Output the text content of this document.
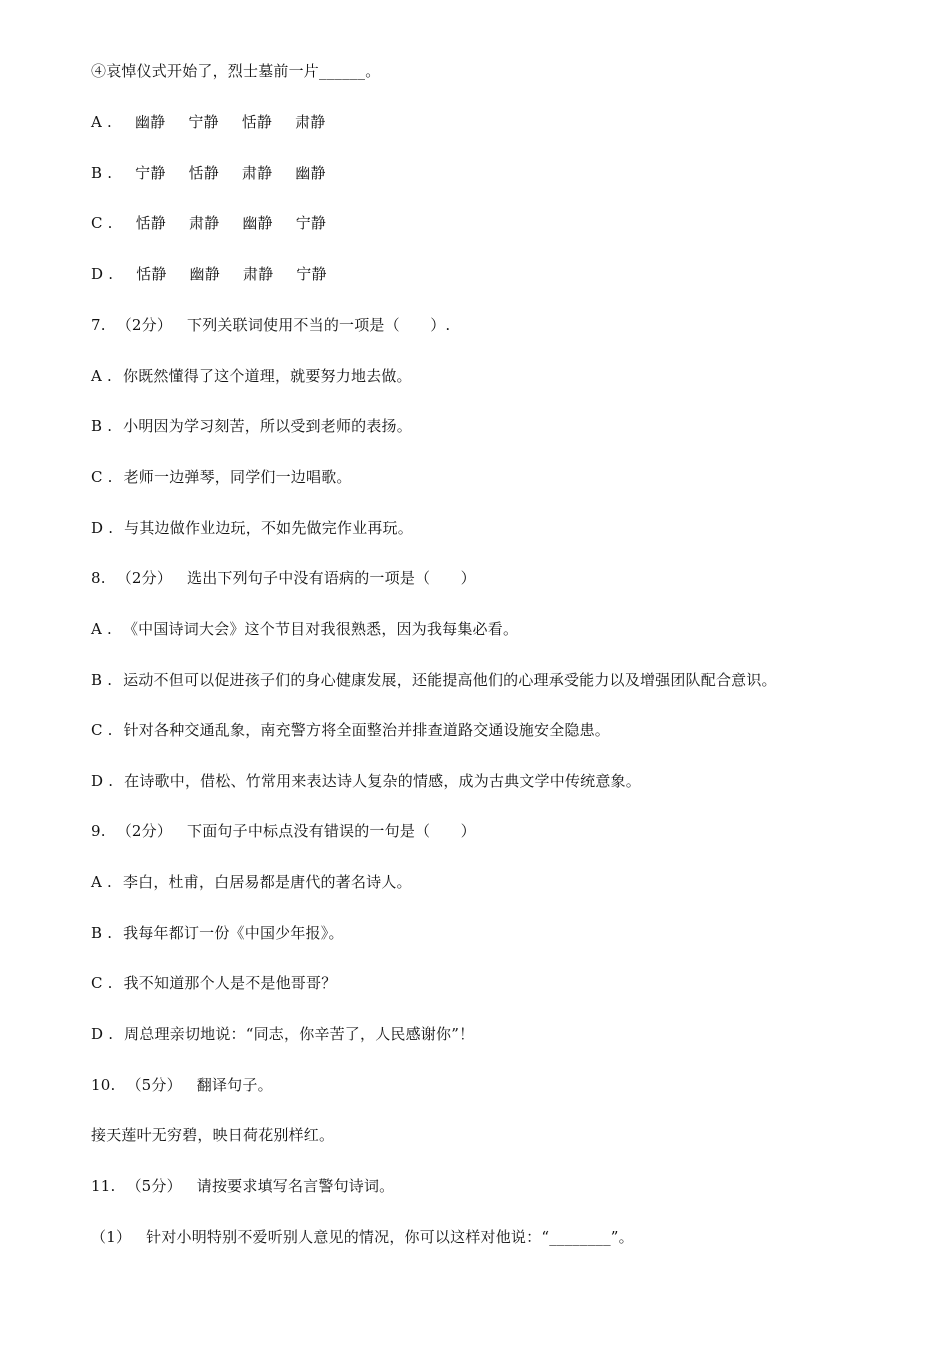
④哀悼仪式开始了，烈士墓前一片______。
A . 幽静 宁静 恬静 肃静
B . 宁静 恬静 肃静 幽静
C . 恬静 肃静 幽静 宁静
D . 恬静 幽静 肃静 宁静
7. （2分） 下列关联词使用不当的一项是（　　）.
A . 你既然懂得了这个道理，就要努力地去做。
B . 小明因为学习刻苦，所以受到老师的表扬。
C . 老师一边弹琴，同学们一边唱歌。
D . 与其边做作业边玩，不如先做完作业再玩。
8. （2分） 选出下列句子中没有语病的一项是（　　）
A . 《中国诗词大会》这个节目对我很熟悉，因为我每集必看。
B . 运动不但可以促进孩子们的身心健康发展，还能提高他们的心理承受能力以及增强团队配合意识。
C . 针对各种交通乱象，南充警方将全面整治并排查道路交通设施安全隐患。
D . 在诗歌中，借松、竹常用来表达诗人复杂的情感，成为古典文学中传统意象。
9. （2分） 下面句子中标点没有错误的一句是（　　）
A . 李白，杜甫，白居易都是唐代的著名诗人。
B . 我每年都订一份《中国少年报》。
C . 我不知道那个人是不是他哥哥？
D . 周总理亲切地说：“同志，你辛苦了，人民感谢你”！
10. （5分） 翻译句子。
接天莲叶无穷碧，映日荷花别样红。
11. （5分） 请按要求填写名言警句诗词。
（1） 针对小明特别不爱听别人意见的情况，你可以这样对他说：“________”。
